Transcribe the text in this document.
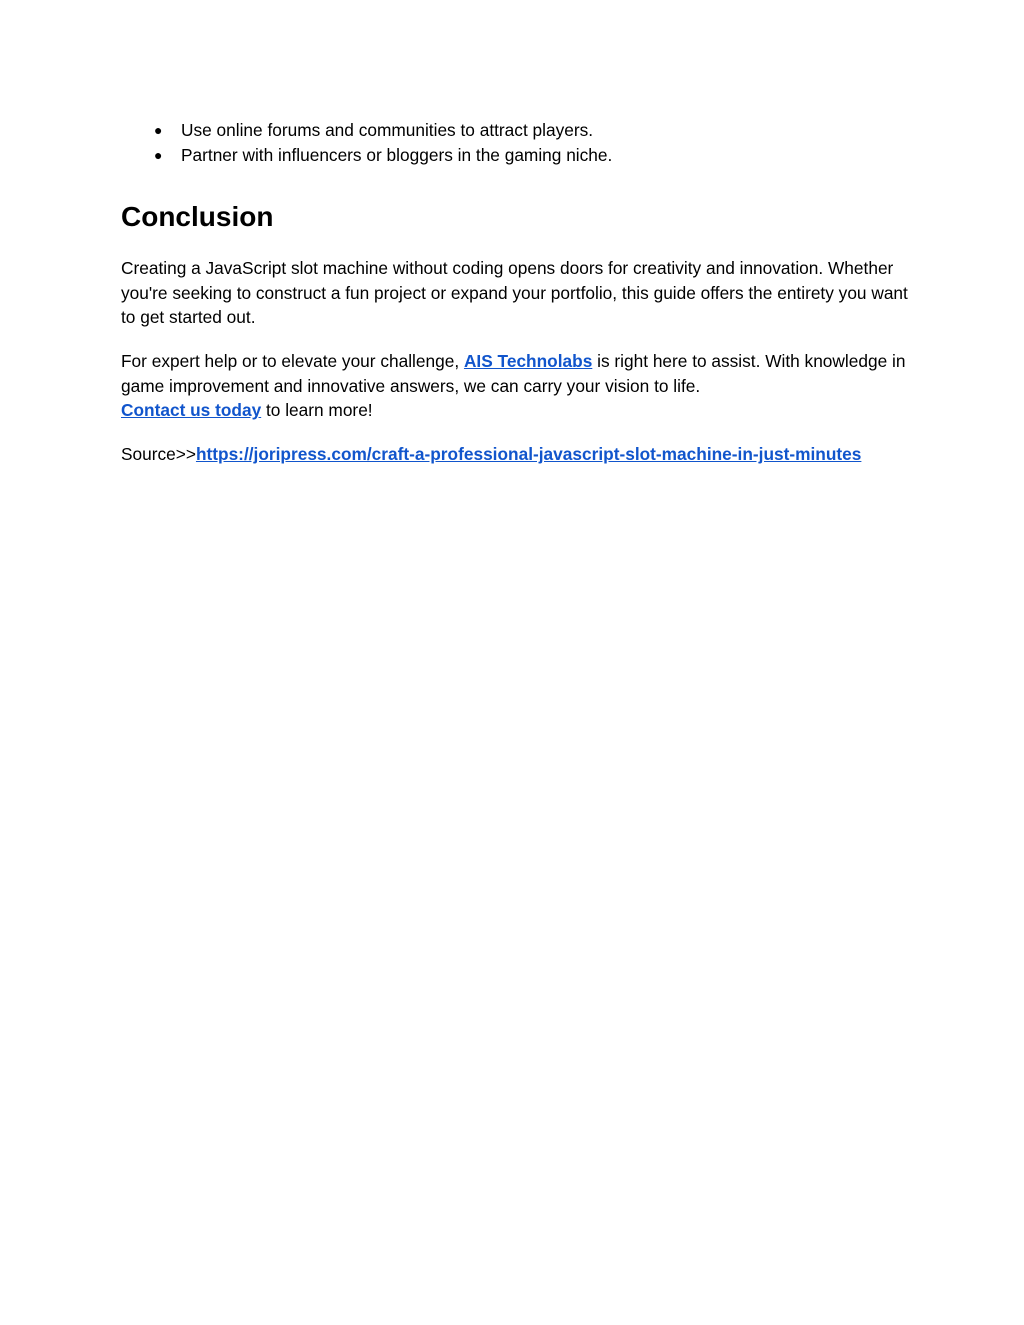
● Use online forums and communities to attract players.
● Partner with influencers or bloggers in the gaming niche.
Conclusion

Creating a JavaScript slot machine without coding opens doors for creativity and innovation. Whether you're seeking to construct a fun project or expand your portfolio, this guide offers the entirety you want to get started out.

For expert help or to elevate your challenge, AIS Technolabs is right here to assist. With knowledge in game improvement and innovative answers, we can carry your vision to life.
Contact us today to learn more!

Source>>https://joripress.com/craft-a-professional-javascript-slot-machine-in-just-minutes
